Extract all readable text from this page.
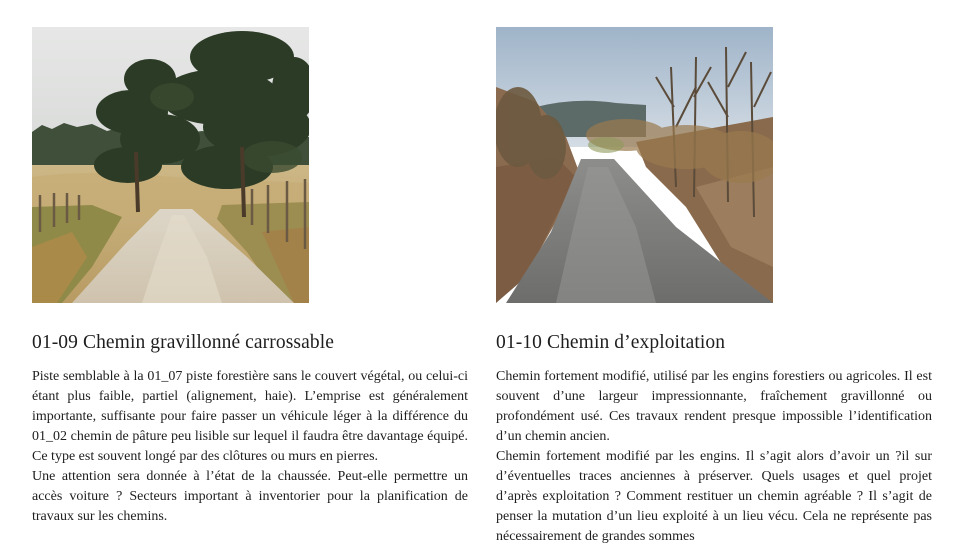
01-09 Chemin gravillonné carrossable

Piste semblable à la 01_07 piste forestière sans le couvert végétal, ou celui-ci étant plus faible, partiel (alignement, haie). L’emprise est généralement importante, suffisante pour faire passer un véhicule léger à la différence du 01_02 chemin de pâture peu lisible sur lequel il faudra être davantage équipé. Ce type est souvent longé par des clôtures ou murs en pierres.

Une attention sera donnée à l’état de la chaussée. Peut-elle permettre un accès voiture ? Secteurs important à inventorier pour la planification de travaux sur les chemins.

01-10 Chemin d’exploitation

Chemin fortement modifié, utilisé par les engins forestiers ou agricoles. Il est souvent d’une largeur impressionnante, fraîchement gravillonné ou profondément usé. Ces travaux rendent presque impossible l’identification d’un chemin ancien.

Chemin fortement modifié par les engins. Il s’agit alors d’avoir un ?il sur d’éventuelles traces anciennes à préserver. Quels usages et quel projet d’après exploitation ? Comment restituer un chemin agréable ? Il s’agit de penser la mutation d’un lieu exploité à un lieu vécu. Cela ne représente pas nécessairement de grandes sommes
